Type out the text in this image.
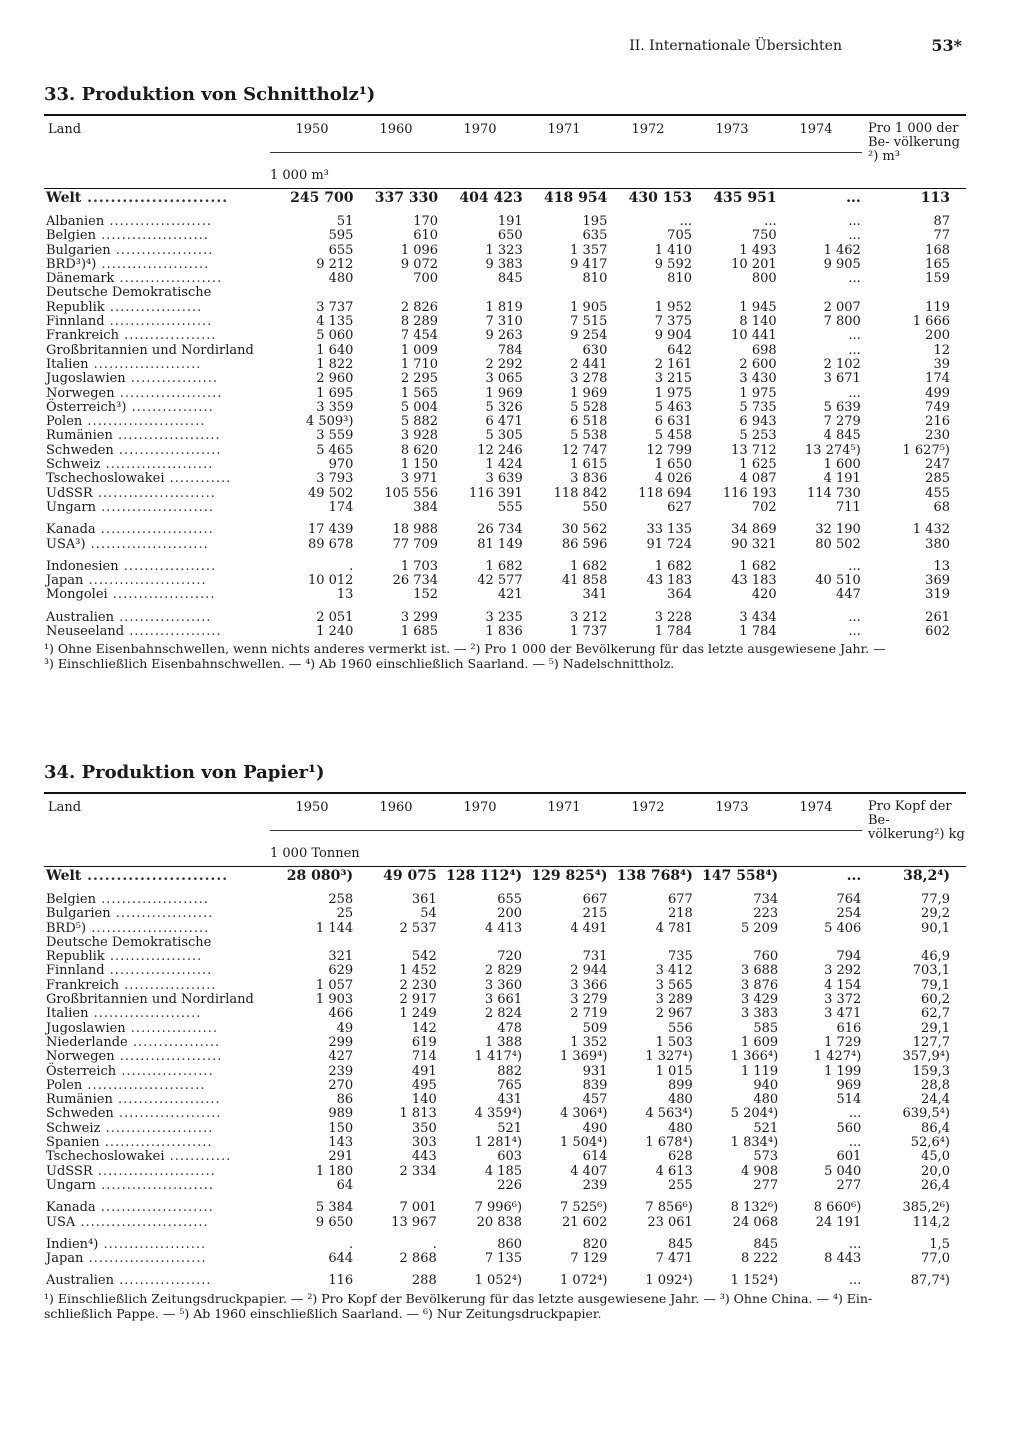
II. Internationale Übersichten	53*
33. Produktion von Schnittholz¹)
Land	1950	1960	1970	1971	1972	1973	1974
1 000 m³
Pro 1 000 der Be- völkerung ²) m³
Welt ........................	245 700	337 330	404 423	418 954	430 153	435 951	...	113

Albanien ....................	51	170	191	195	...	...	...	87
Belgien .....................	595	610	650	635	705	750	...	77
Bulgarien ...................	655	1 096	1 323	1 357	1 410	1 493	1 462	168
BRD³)⁴) .....................	9 212	9 072	9 383	9 417	9 592	10 201	9 905	165
Dänemark ....................	480	700	845	810	810	800	...	159
Deutsche Demokratische								
Republik ..................	3 737	2 826	1 819	1 905	1 952	1 945	2 007	119
Finnland ....................	4 135	8 289	7 310	7 515	7 375	8 140	7 800	1 666
Frankreich ..................	5 060	7 454	9 263	9 254	9 904	10 441	...	200
Großbritannien und Nordirland	1 640	1 009	784	630	642	698	...	12
Italien .....................	1 822	1 710	2 292	2 441	2 161	2 600	2 102	39
Jugoslawien .................	2 960	2 295	3 065	3 278	3 215	3 430	3 671	174
Norwegen ....................	1 695	1 565	1 969	1 969	1 975	1 975	...	499
Österreich³) ................	3 359	5 004	5 326	5 528	5 463	5 735	5 639	749
Polen .......................	4 509³)	5 882	6 471	6 518	6 631	6 943	7 279	216
Rumänien ....................	3 559	3 928	5 305	5 538	5 458	5 253	4 845	230
Schweden ....................	5 465	8 620	12 246	12 747	12 799	13 712	13 274⁵)	1 627⁵)
Schweiz .....................	970	1 150	1 424	1 615	1 650	1 625	1 600	247
Tschechoslowakei ............	3 793	3 971	3 639	3 836	4 026	4 087	4 191	285
UdSSR .......................	49 502	105 556	116 391	118 842	118 694	116 193	114 730	455
Ungarn ......................	174	384	555	550	627	702	711	68

Kanada ......................	17 439	18 988	26 734	30 562	33 135	34 869	32 190	1 432
USA³) .......................	89 678	77 709	81 149	86 596	91 724	90 321	80 502	380

Indonesien ..................	.	1 703	1 682	1 682	1 682	1 682	...	13
Japan .......................	10 012	26 734	42 577	41 858	43 183	43 183	40 510	369
Mongolei ....................	13	152	421	341	364	420	447	319

Australien ..................	2 051	3 299	3 235	3 212	3 228	3 434	...	261
Neuseeland ..................	1 240	1 685	1 836	1 737	1 784	1 784	...	602
¹) Ohne Eisenbahnschwellen, wenn nichts anderes vermerkt ist. — ²) Pro 1 000 der Bevölkerung für das letzte ausgewiesene Jahr. —
³) Einschließlich Eisenbahnschwellen. — ⁴) Ab 1960 einschließlich Saarland. — ⁵) Nadelschnittholz.
34. Produktion von Papier¹)
Land	1950	1960	1970	1971	1972	1973	1974
1 000 Tonnen
Pro Kopf der Be- völkerung²) kg
Welt ........................	28 080³)	49 075	128 112⁴)	129 825⁴)	138 768⁴)	147 558⁴)	...	38,2⁴)

Belgien .....................	258	361	655	667	677	734	764	77,9
Bulgarien ...................	25	54	200	215	218	223	254	29,2
BRD⁵) .......................	1 144	2 537	4 413	4 491	4 781	5 209	5 406	90,1
Deutsche Demokratische								
Republik ..................	321	542	720	731	735	760	794	46,9
Finnland ....................	629	1 452	2 829	2 944	3 412	3 688	3 292	703,1
Frankreich ..................	1 057	2 230	3 360	3 366	3 565	3 876	4 154	79,1
Großbritannien und Nordirland	1 903	2 917	3 661	3 279	3 289	3 429	3 372	60,2
Italien .....................	466	1 249	2 824	2 719	2 967	3 383	3 471	62,7
Jugoslawien .................	49	142	478	509	556	585	616	29,1
Niederlande .................	299	619	1 388	1 352	1 503	1 609	1 729	127,7
Norwegen ....................	427	714	1 417⁴)	1 369⁴)	1 327⁴)	1 366⁴)	1 427⁴)	357,9⁴)
Österreich ..................	239	491	882	931	1 015	1 119	1 199	159,3
Polen .......................	270	495	765	839	899	940	969	28,8
Rumänien ....................	86	140	431	457	480	480	514	24,4
Schweden ....................	989	1 813	4 359⁴)	4 306⁴)	4 563⁴)	5 204⁴)	...	639,5⁴)
Schweiz .....................	150	350	521	490	480	521	560	86,4
Spanien .....................	143	303	1 281⁴)	1 504⁴)	1 678⁴)	1 834⁴)	...	52,6⁴)
Tschechoslowakei ............	291	443	603	614	628	573	601	45,0
UdSSR .......................	1 180	2 334	4 185	4 407	4 613	4 908	5 040	20,0
Ungarn ......................	64		226	239	255	277	277	26,4

Kanada ......................	5 384	7 001	7 996⁶)	7 525⁶)	7 856⁶)	8 132⁶)	8 660⁶)	385,2⁶)
USA .........................	9 650	13 967	20 838	21 602	23 061	24 068	24 191	114,2

Indien⁴) ....................	.	.	860	820	845	845	...	1,5
Japan .......................	644	2 868	7 135	7 129	7 471	8 222	8 443	77,0

Australien ..................	116	288	1 052⁴)	1 072⁴)	1 092⁴)	1 152⁴)	...	87,7⁴)
¹) Einschließlich Zeitungsdruckpapier. — ²) Pro Kopf der Bevölkerung für das letzte ausgewiesene Jahr. — ³) Ohne China. — ⁴) Ein-
schließlich Pappe. — ⁵) Ab 1960 einschließlich Saarland. — ⁶) Nur Zeitungsdruckpapier.
